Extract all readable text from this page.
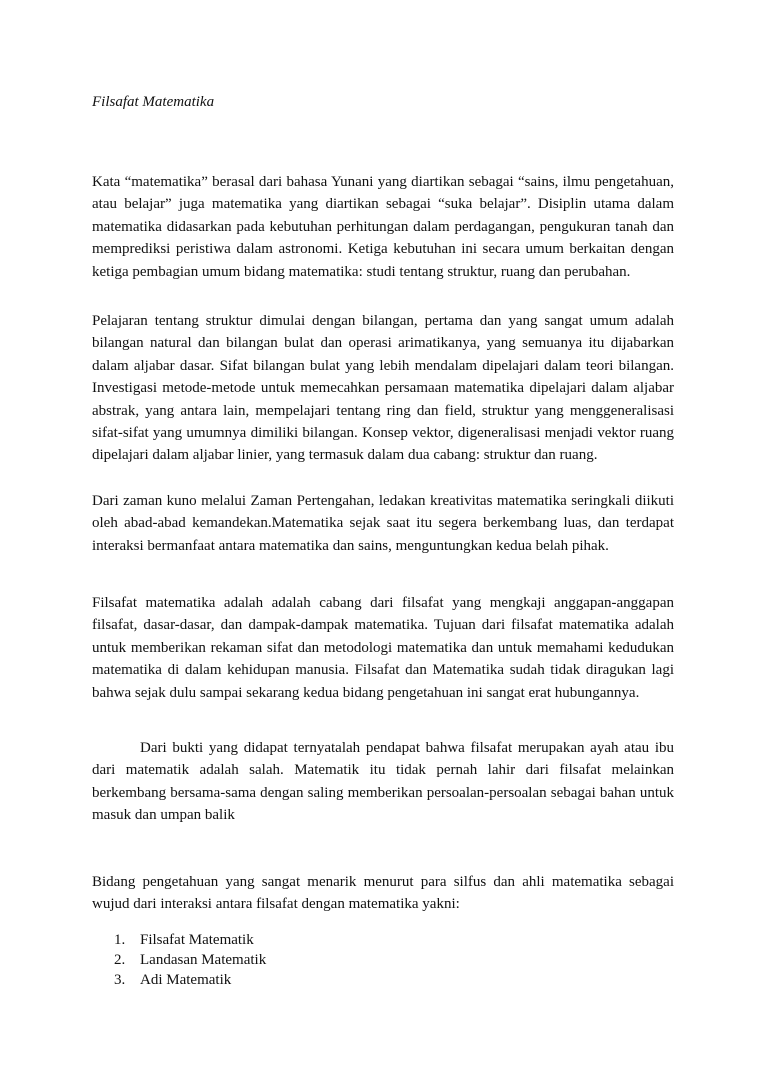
Filsafat Matematika

Kata “matematika” berasal dari bahasa Yunani yang diartikan sebagai “sains, ilmu pengetahuan, atau belajar” juga matematika yang diartikan sebagai “suka belajar”. Disiplin utama dalam matematika didasarkan pada kebutuhan perhitungan dalam perdagangan, pengukuran tanah dan memprediksi peristiwa dalam astronomi. Ketiga kebutuhan ini secara umum berkaitan dengan ketiga pembagian umum bidang matematika: studi tentang struktur, ruang dan perubahan.

Pelajaran tentang struktur dimulai dengan bilangan, pertama dan yang sangat umum adalah bilangan natural dan bilangan bulat dan operasi arimatikanya, yang semuanya itu dijabarkan dalam aljabar dasar. Sifat bilangan bulat yang lebih mendalam dipelajari dalam teori bilangan. Investigasi metode-metode untuk memecahkan persamaan matematika dipelajari dalam aljabar abstrak, yang antara lain, mempelajari tentang ring dan field, struktur yang menggeneralisasi sifat-sifat yang umumnya dimiliki bilangan. Konsep vektor, digeneralisasi menjadi vektor ruang dipelajari dalam aljabar linier, yang termasuk dalam dua cabang: struktur dan ruang.

Dari zaman kuno melalui Zaman Pertengahan, ledakan kreativitas matematika seringkali diikuti oleh abad-abad kemandekan.Matematika sejak saat itu segera berkembang luas, dan terdapat interaksi bermanfaat antara matematika dan sains, menguntungkan kedua belah pihak.

Filsafat matematika adalah adalah cabang dari filsafat yang mengkaji anggapan-anggapan filsafat, dasar-dasar, dan dampak-dampak matematika. Tujuan dari filsafat matematika adalah untuk memberikan rekaman sifat dan metodologi matematika dan untuk memahami kedudukan matematika di dalam kehidupan manusia. Filsafat dan Matematika sudah tidak diragukan lagi bahwa sejak dulu sampai sekarang kedua bidang pengetahuan ini sangat erat hubungannya.

Dari bukti yang didapat ternyatalah pendapat bahwa filsafat merupakan ayah atau ibu dari matematik adalah salah. Matematik itu tidak pernah lahir dari filsafat melainkan berkembang bersama-sama dengan saling memberikan persoalan-persoalan sebagai bahan untuk masuk dan umpan balik

Bidang pengetahuan yang sangat menarik menurut para silfus dan ahli matematika sebagai wujud dari interaksi antara filsafat dengan matematika yakni:

1. Filsafat Matematik
2. Landasan Matematik
3. Adi Matematik
